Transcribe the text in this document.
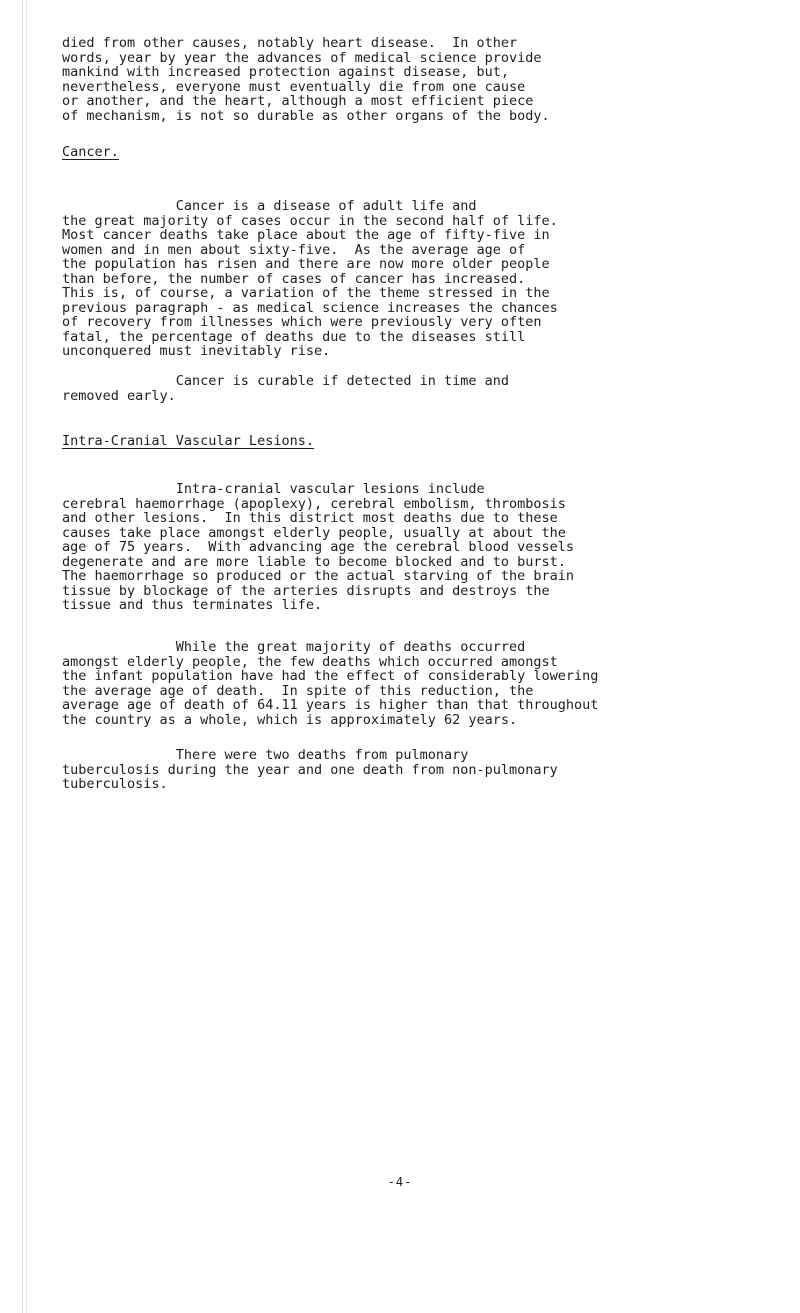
died from other causes, notably heart disease.  In other
words, year by year the advances of medical science provide
mankind with increased protection against disease, but,
nevertheless, everyone must eventually die from one cause
or another, and the heart, although a most efficient piece
of mechanism, is not so durable as other organs of the body.
Cancer.
Cancer is a disease of adult life and
the great majority of cases occur in the second half of life.
Most cancer deaths take place about the age of fifty-five in
women and in men about sixty-five.  As the average age of
the population has risen and there are now more older people
than before, the number of cases of cancer has increased.
This is, of course, a variation of the theme stressed in the
previous paragraph - as medical science increases the chances
of recovery from illnesses which were previously very often
fatal, the percentage of deaths due to the diseases still
unconquered must inevitably rise.
Cancer is curable if detected in time and
removed early.
Intra-Cranial Vascular Lesions.
Intra-cranial vascular lesions include
cerebral haemorrhage (apoplexy), cerebral embolism, thrombosis
and other lesions.  In this district most deaths due to these
causes take place amongst elderly people, usually at about the
age of 75 years.  With advancing age the cerebral blood vessels
degenerate and are more liable to become blocked and to burst.
The haemorrhage so produced or the actual starving of the brain
tissue by blockage of the arteries disrupts and destroys the
tissue and thus terminates life.
While the great majority of deaths occurred
amongst elderly people, the few deaths which occurred amongst
the infant population have had the effect of considerably lowering
the average age of death.  In spite of this reduction, the
average age of death of 64.11 years is higher than that throughout
the country as a whole, which is approximately 62 years.
There were two deaths from pulmonary
tuberculosis during the year and one death from non-pulmonary
tuberculosis.
-4-
